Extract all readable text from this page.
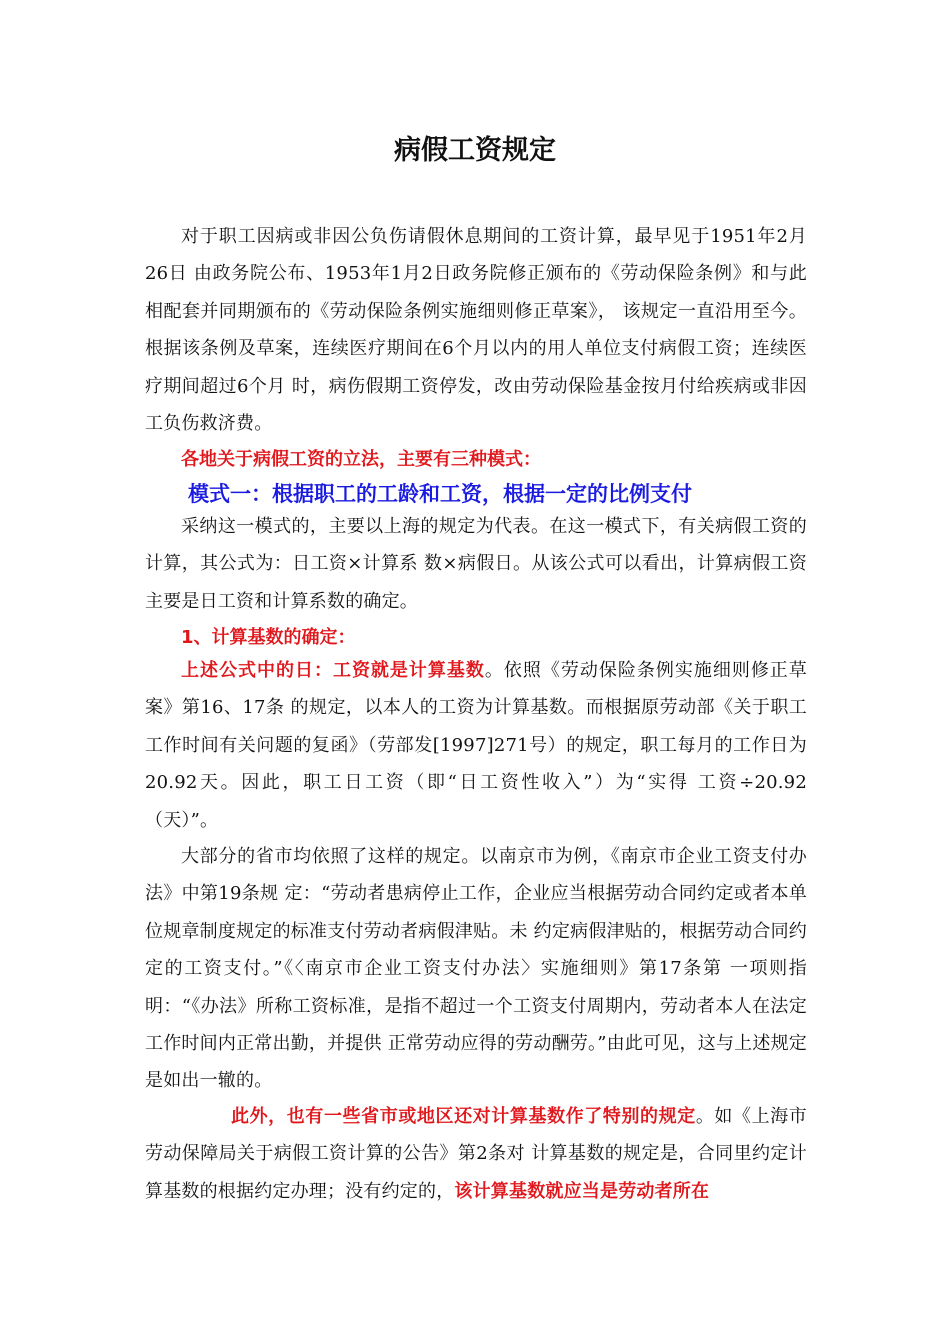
病假工资规定

对于职工因病或非因公负伤请假休息期间的工资计算，最早见于1951年2月26日 由政务院公布、1953年1月2日政务院修正颁布的《劳动保险条例》和与此相配套并同期颁布的《劳动保险条例实施细则修正草案》， 该规定一直沿用至今。根据该条例及草案，连续医疗期间在6个月以内的用人单位支付病假工资；连续医疗期间超过6个月 时，病伤假期工资停发，改由劳动保险基金按月付给疾病或非因工负伤救济费。

各地关于病假工资的立法，主要有三种模式：
模式一：根据职工的工龄和工资，根据一定的比例支付

采纳这一模式的，主要以上海的规定为代表。在这一模式下，有关病假工资的计算，其公式为：日工资×计算系 数×病假日。从该公式可以看出，计算病假工资主要是日工资和计算系数的确定。

1、计算基数的确定：

上述公式中的日：工资就是计算基数。依照《劳动保险条例实施细则修正草案》第16、17条 的规定，以本人的工资为计算基数。而根据原劳动部《关于职工工作时间有关问题的复函》（劳部发[1997]271号）的规定，职工每月的工作日为20.92天。因此，职工日工资（即“日工资性收入”）为“实得 工资÷20.92（天）”。

大部分的省市均依照了这样的规定。以南京市为例，《南京市企业工资支付办法》中第19条规 定：“劳动者患病停止工作，企业应当根据劳动合同约定或者本单位规章制度规定的标准支付劳动者病假津贴。未 约定病假津贴的，根据劳动合同约定的工资支付。”《〈南京市企业工资支付办法〉实施细则》第17条第 一项则指明：“《办法》所称工资标准，是指不超过一个工资支付周期内，劳动者本人在法定工作时间内正常出勤，并提供 正常劳动应得的劳动酬劳。”由此可见，这与上述规定是如出一辙的。

此外，也有一些省市或地区还对计算基数作了特别的规定。如《上海市劳动保障局关于病假工资计算的公告》第2条对 计算基数的规定是，合同里约定计算基数的根据约定办理；没有约定的，该计算基数就应当是劳动者所在
